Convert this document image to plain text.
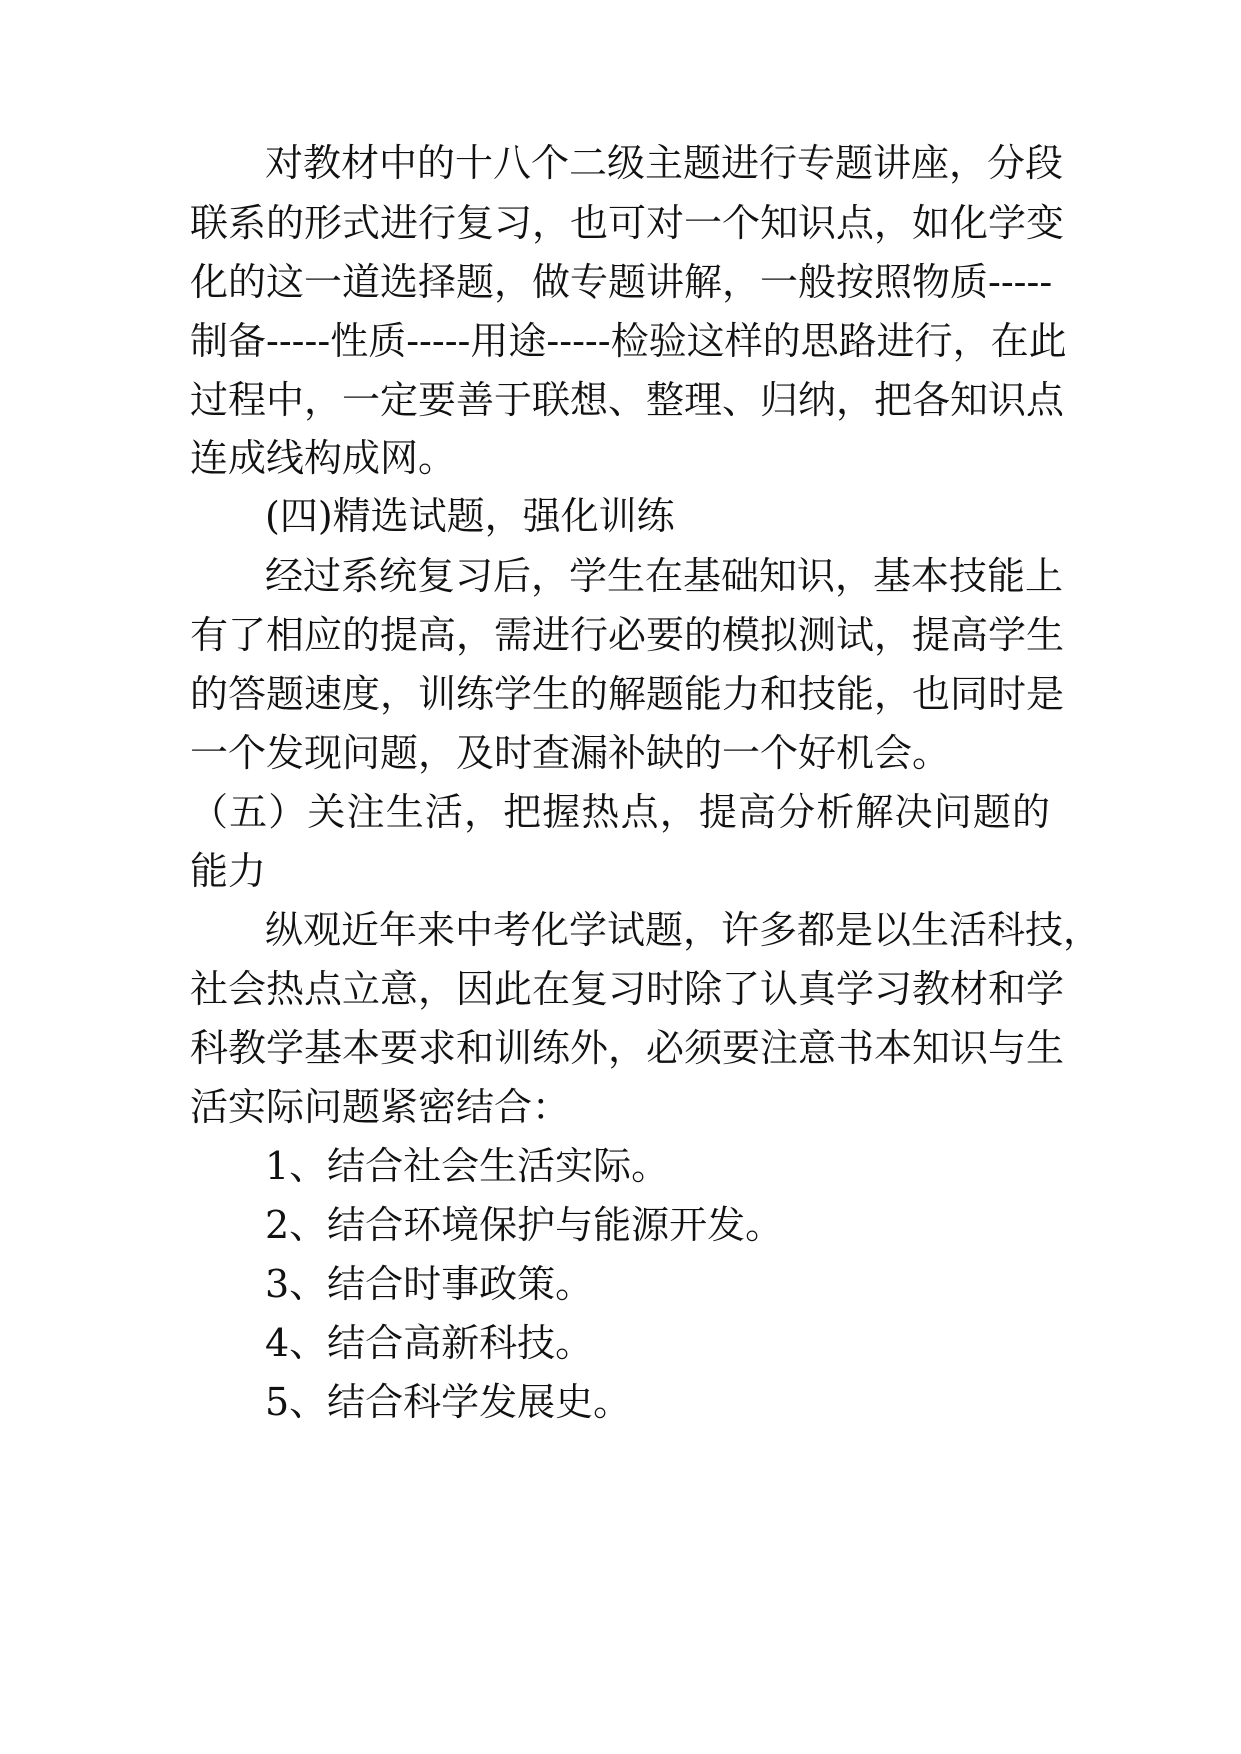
对教材中的十八个二级主题进行专题讲座，分段
联系的形式进行复习，也可对一个知识点，如化学变
化的这一道选择题，做专题讲解，一般按照物质-----
制备-----性质-----用途-----检验这样的思路进行，在此
过程中，一定要善于联想、整理、归纳，把各知识点
连成线构成网。
(四)精选试题，强化训练
经过系统复习后，学生在基础知识，基本技能上
有了相应的提高，需进行必要的模拟测试，提高学生
的答题速度，训练学生的解题能力和技能，也同时是
一个发现问题，及时查漏补缺的一个好机会。
（五）关注生活，把握热点，提高分析解决问题的
能力
纵观近年来中考化学试题，许多都是以生活科技，
社会热点立意，因此在复习时除了认真学习教材和学
科教学基本要求和训练外，必须要注意书本知识与生
活实际问题紧密结合：
1、结合社会生活实际。
2、结合环境保护与能源开发。
3、结合时事政策。
4、结合高新科技。
5、结合科学发展史。
